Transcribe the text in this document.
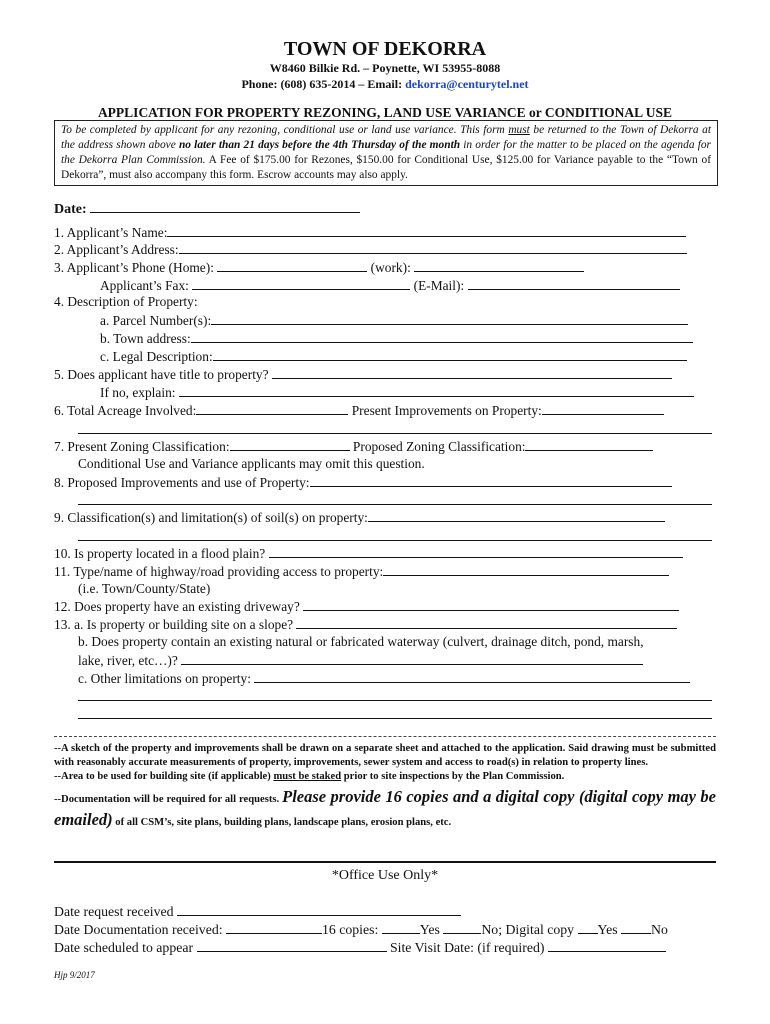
TOWN OF DEKORRA
W8460 Bilkie Rd. – Poynette, WI 53955-8088
Phone: (608) 635-2014 – Email: dekorra@centurytel.net
APPLICATION FOR PROPERTY REZONING, LAND USE VARIANCE or CONDITIONAL USE
To be completed by applicant for any rezoning, conditional use or land use variance. This form must be returned to the Town of Dekorra at the address shown above no later than 21 days before the 4th Thursday of the month in order for the matter to be placed on the agenda for the Dekorra Plan Commission. A Fee of $175.00 for Rezones, $150.00 for Conditional Use, $125.00 for Variance payable to the “Town of Dekorra”, must also accompany this form. Escrow accounts may also apply.
Date:
1. Applicant’s Name:
2. Applicant’s Address:
3. Applicant’s Phone (Home):	(work):
Applicant’s Fax:	(E-Mail):
4. Description of Property:
a. Parcel Number(s):
b. Town address:
c. Legal Description:
5. Does applicant have title to property?
If no, explain:
6. Total Acreage Involved:	Present Improvements on Property:
7. Present Zoning Classification:	Proposed Zoning Classification:
Conditional Use and Variance applicants may omit this question.
8. Proposed Improvements and use of Property:
9. Classification(s) and limitation(s) of soil(s) on property:
10. Is property located in a flood plain?
11. Type/name of highway/road providing access to property:
(i.e. Town/County/State)
12. Does property have an existing driveway?
13. a. Is property or building site on a slope?
b. Does property contain an existing natural or fabricated waterway (culvert, drainage ditch, pond, marsh,
lake, river, etc…)?
c. Other limitations on property:
--A sketch of the property and improvements shall be drawn on a separate sheet and attached to the application. Said drawing must be submitted with reasonably accurate measurements of property, improvements, sewer system and access to road(s) in relation to property lines.
--Area to be used for building site (if applicable) must be staked prior to site inspections by the Plan Commission.
--Documentation will be required for all requests. Please provide 16 copies and a digital copy (digital copy may be emailed) of all CSM’s, site plans, building plans, landscape plans, erosion plans, etc.
*Office Use Only*
Date request received
Date Documentation received:	16 copies:	Yes	No; Digital copy Yes No
Date scheduled to appear	Site Visit Date: (if required)
Hjp 9/2017
